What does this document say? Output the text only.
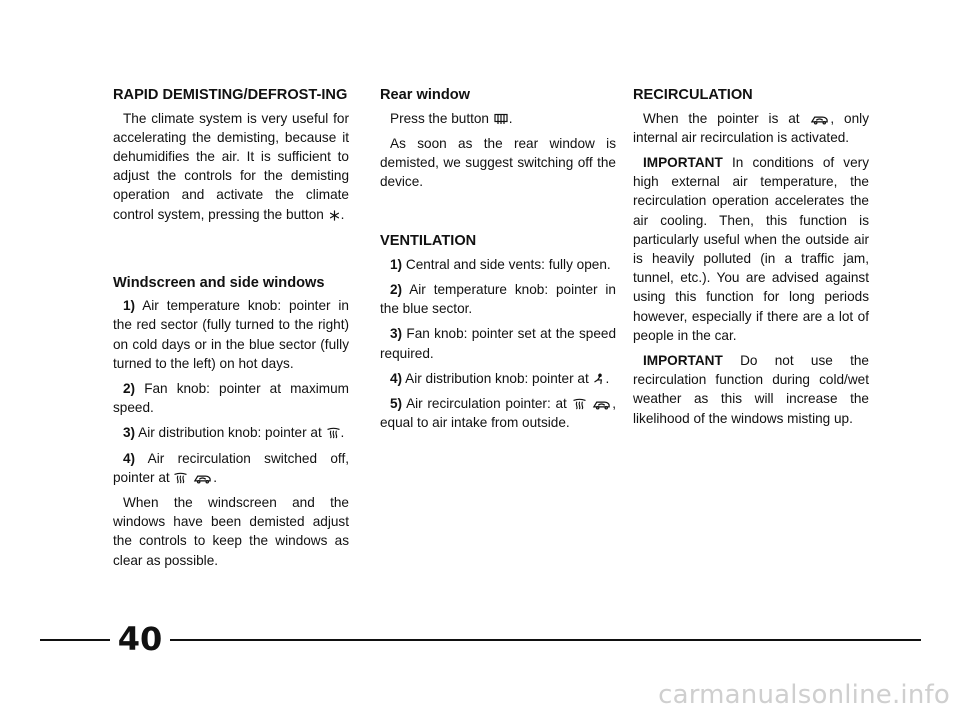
RAPID DEMISTING/DEFROST-ING
The climate system is very useful for accelerating the demisting, because it dehumidifies the air. It is sufficient to adjust the controls for the demisting operation and activate the climate control system, pressing the button .
Windscreen and side windows
1) Air temperature knob: pointer in the red sector (fully turned to the right) on cold days or in the blue sector (fully turned to the left) on hot days.
2) Fan knob: pointer at maximum speed.
3) Air distribution knob: pointer at .
4) Air recirculation switched off, pointer at	.
When the windscreen and the windows have been demisted adjust the controls to keep the windows as clear as possible.
Rear window
Press the button .
As soon as the rear window is demisted, we suggest switching off the device.
VENTILATION
1) Central and side vents: fully open.
2) Air temperature knob: pointer in the blue sector.
3) Fan knob: pointer set at the speed required.
4) Air distribution knob: pointer at .
5) Air recirculation pointer: at	, equal to air intake from outside.
RECIRCULATION
When the pointer is at , only internal air recirculation is activated.
IMPORTANT In conditions of very high external air temperature, the recirculation operation accelerates the air cooling. Then, this function is particularly useful when the outside air is heavily polluted (in a traffic jam, tunnel, etc.). You are advised against using this function for long periods however, especially if there are a lot of people in the car.
IMPORTANT Do not use the recirculation function during cold/wet weather as this will increase the likelihood of the windows misting up.
40
carmanualsonline.info
